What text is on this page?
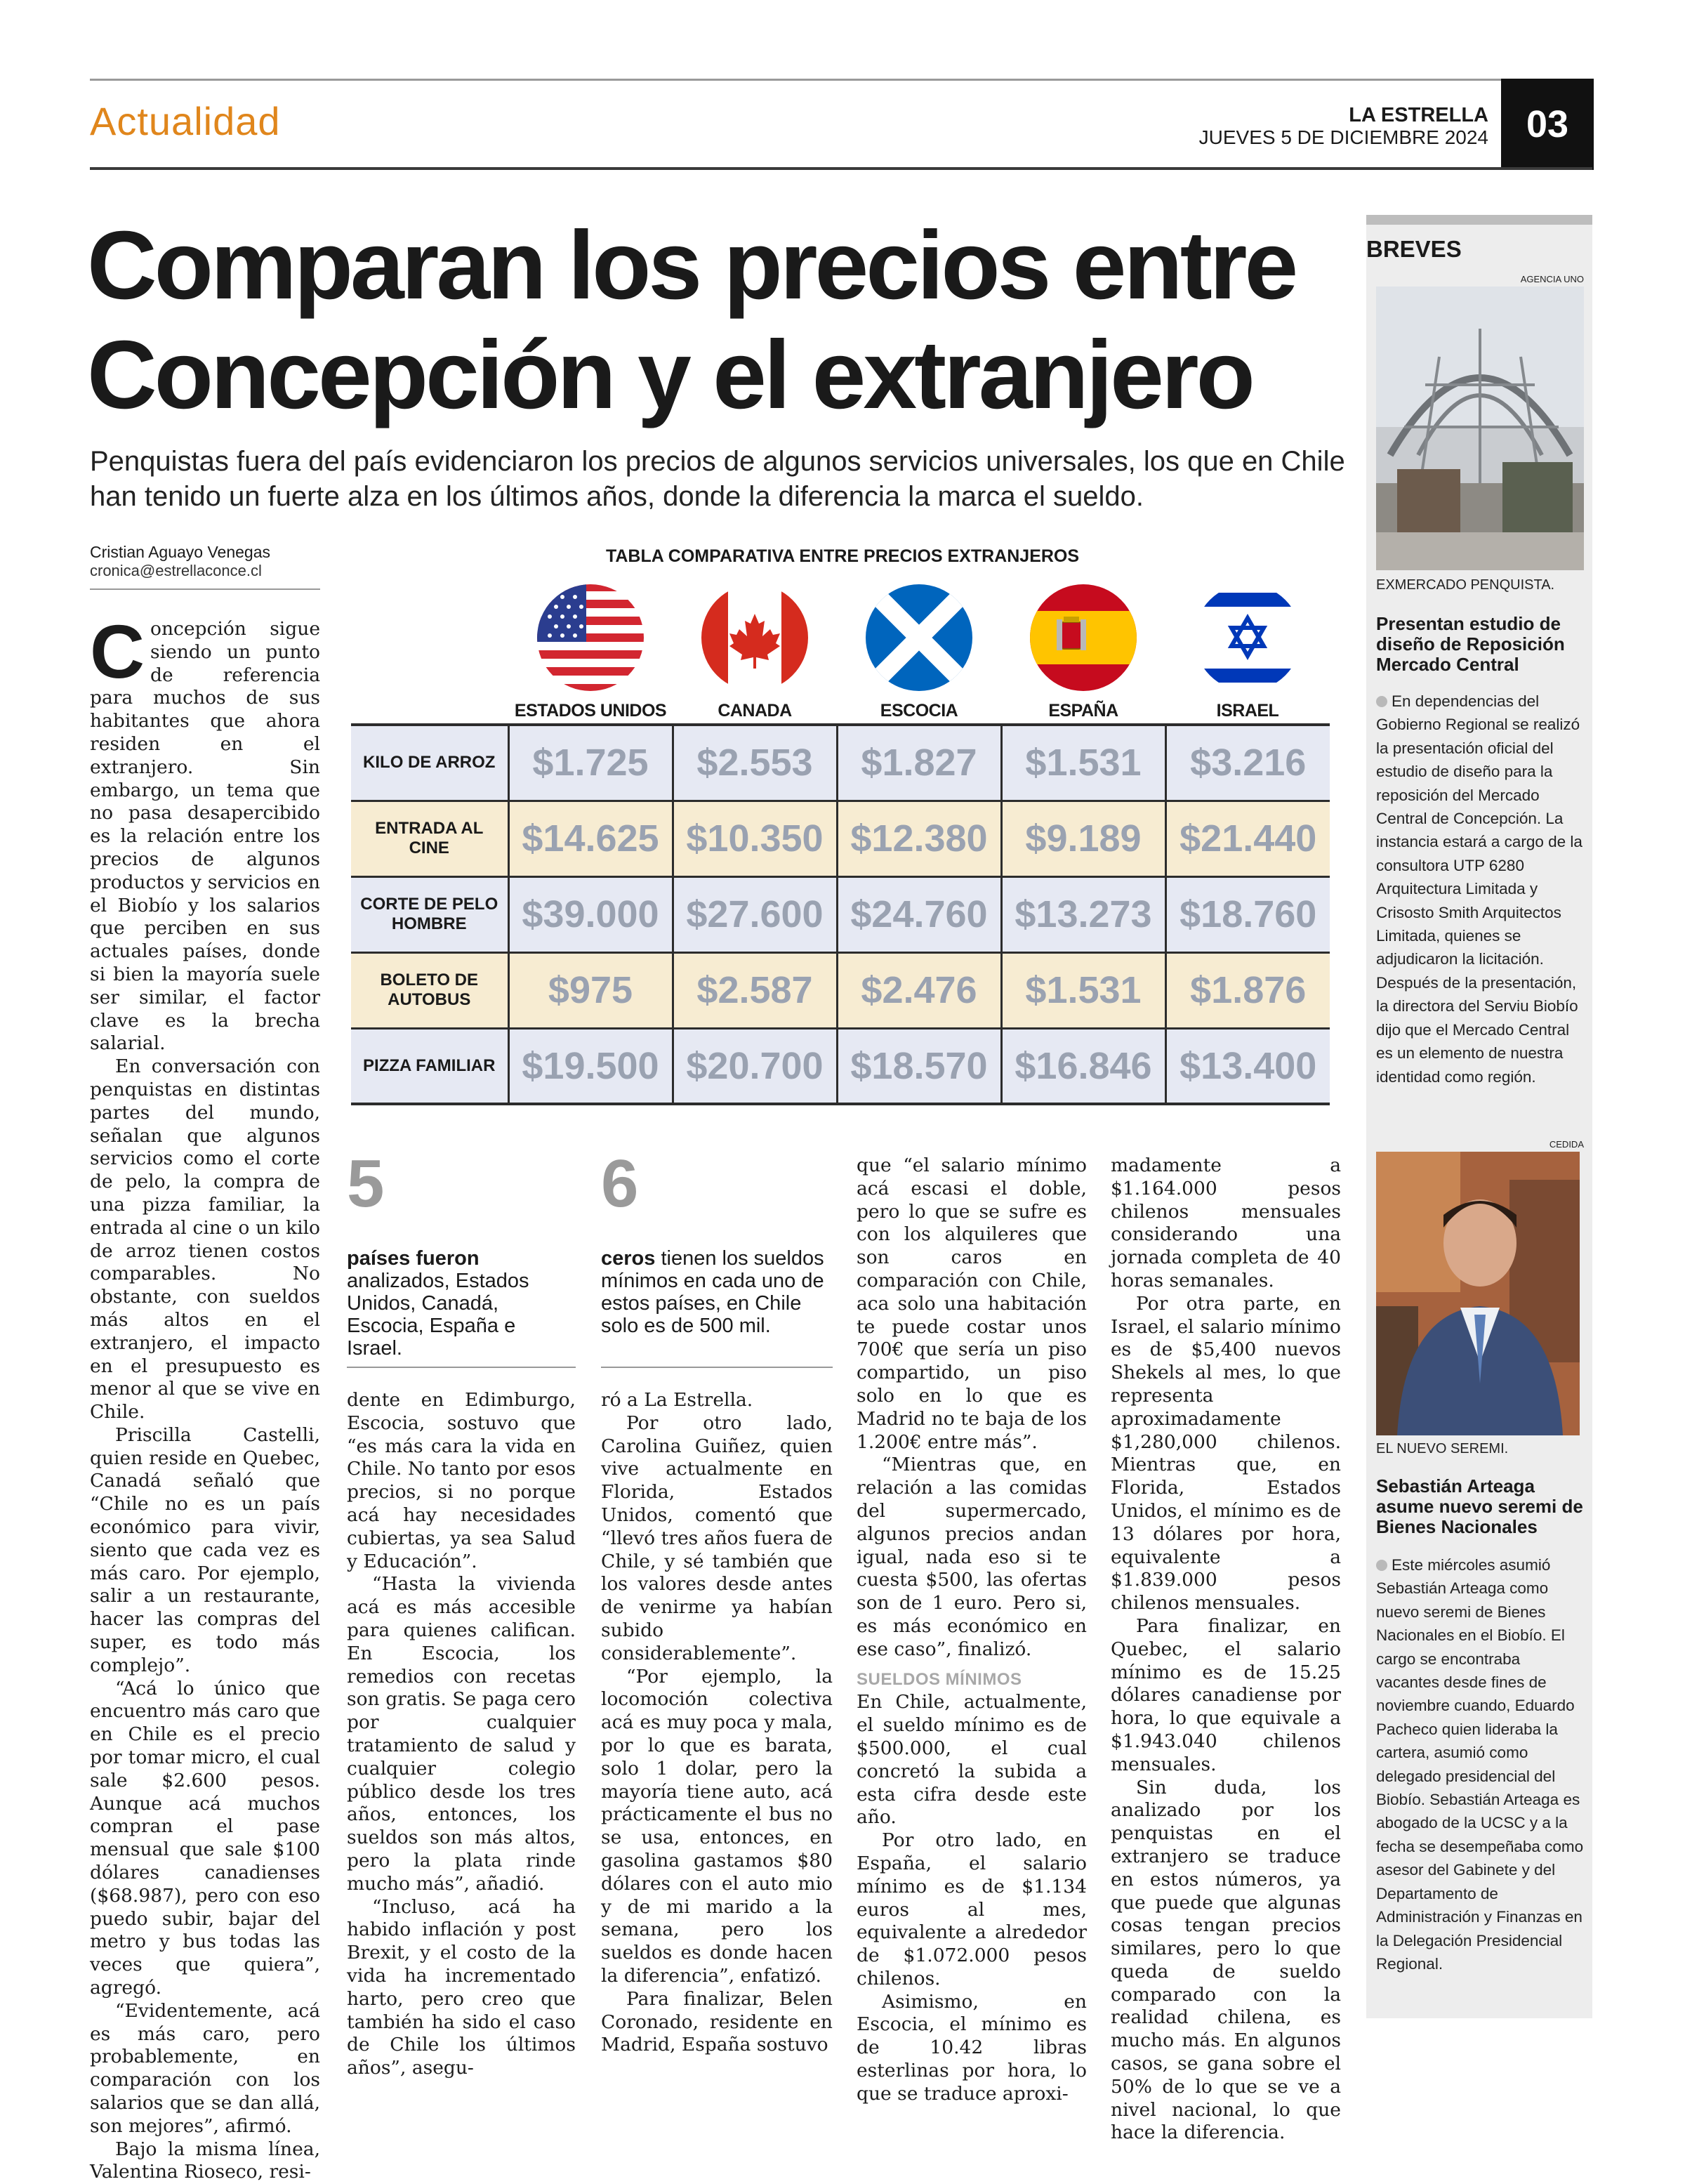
Actualidad	LA ESTRELLA
JUEVES 5 DE DICIEMBRE 2024 03
Comparan los precios entre
Concepción y el extranjero
Penquistas fuera del país evidenciaron los precios de algunos servicios universales, los que en Chile han tenido un fuerte alza en los últimos años, donde la diferencia la marca el sueldo.
Cristian Aguayo Venegas
cronica@estrellaconce.cl

Concepción sigue siendo un punto de referencia para muchos de sus habitantes que ahora residen en el extranjero. Sin embargo, un tema que no pasa desapercibido es la relación entre los precios de algunos productos y servicios en el Biobío y los salarios que perciben en sus actuales países, donde si bien la mayoría suele ser similar, el factor clave es la brecha salarial.

En conversación con penquistas en distintas partes del mundo, señalan que algunos servicios como el corte de pelo, la compra de una pizza familiar, la entrada al cine o un kilo de arroz tienen costos comparables. No obstante, con sueldos más altos en el extranjero, el impacto en el presupuesto es menor al que se vive en Chile.

Priscilla Castelli, quien reside en Quebec, Canadá señaló que “Chile no es un país económico para vivir, siento que cada vez es más caro. Por ejemplo, salir a un restaurante, hacer las compras del super, es todo más complejo”.

“Acá lo único que encuentro más caro que en Chile es el precio por tomar micro, el cual sale $2.600 pesos. Aunque acá muchos compran el pase mensual que sale $100 dólares canadienses ($68.987), pero con eso puedo subir, bajar del metro y bus todas las veces que quiera”, agregó.

“Evidentemente, acá es más caro, pero probablemente, en comparación con los salarios que se dan allá, son mejores”, afirmó.

Bajo la misma línea, Valentina Rioseco, resi-

TABLA COMPARATIVA ENTRE PRECIOS EXTRANJEROS
ESTADOS UNIDOS	CANADA	ESCOCIA	ESPAÑA	ISRAEL
KILO DE ARROZ	$1.725	$2.553	$1.827	$1.531	$3.216
ENTRADA AL CINE	$14.625	$10.350	$12.380	$9.189	$21.440
CORTE DE PELO HOMBRE	$39.000	$27.600	$24.760	$13.273	$18.760
BOLETO DE AUTOBUS	$975	$2.587	$2.476	$1.531	$1.876
PIZZA FAMILIAR	$19.500	$20.700	$18.570	$16.846	$13.400
5
países fueron analizados, Estados Unidos, Canadá, Escocia, España e Israel.
6
ceros tienen los sueldos mínimos en cada uno de estos países, en Chile solo es de 500 mil.

dente en Edimburgo, Escocia, sostuvo que “es más cara la vida en Chile. No tanto por esos precios, si no porque acá hay necesidades cubiertas, ya sea Salud y Educación”.

“Hasta la vivienda acá es más accesible para quienes califican. En Escocia, los remedios con recetas son gratis. Se paga cero por cualquier tratamiento de salud y cualquier colegio público desde los tres años, entonces, los sueldos son más altos, pero la plata rinde mucho más”, añadió.

“Incluso, acá ha habido inflación y post Brexit, y el costo de la vida ha incrementado harto, pero creo que también ha sido el caso de Chile los últimos años”, asegu-

ró a La Estrella.

Por otro lado, Carolina Guiñez, quien vive actualmente en Florida, Estados Unidos, comentó que “llevó tres años fuera de Chile, y sé también que los valores desde antes de venirme ya habían subido considerablemente”.

“Por ejemplo, la locomoción colectiva acá es muy poca y mala, por lo que es barata, solo 1 dolar, pero la mayoría tiene auto, acá prácticamente el bus no se usa, entonces, en gasolina gastamos $80 dólares con el auto mio y de mi marido a la semana, pero los sueldos es donde hacen la diferencia”, enfatizó.

Para finalizar, Belen Coronado, residente en Madrid, España sostuvo

que “el salario mínimo acá escasi el doble, pero lo que se sufre es con los alquileres que son caros en comparación con Chile, aca solo una habitación te puede costar unos 700€ que sería un piso compartido, un piso solo en lo que es Madrid no te baja de los 1.200€ entre más”.

“Mientras que, en relación a las comidas del supermercado, algunos precios andan igual, nada eso si te cuesta $500, las ofertas son de 1 euro. Pero si, es más económico en ese caso”, finalizó.

SUELDOS MÍNIMOS

En Chile, actualmente, el sueldo mínimo es de $500.000, el cual concretó la subida a esta cifra desde este año.

Por otro lado, en España, el salario mínimo es de $1.134 euros al mes, equivalente a alrededor de $1.072.000 pesos chilenos.

Asimismo, en Escocia, el mínimo es de 10.42 libras esterlinas por hora, lo que se traduce aproxi-

madamente a $1.164.000 pesos chilenos mensuales considerando una jornada completa de 40 horas semanales.

Por otra parte, en Israel, el salario mínimo es de $5,400 nuevos Shekels al mes, lo que representa aproximadamente $1,280,000 chilenos. Mientras que, en Florida, Estados Unidos, el mínimo es de 13 dólares por hora, equivalente a $1.839.000 pesos chilenos mensuales.

Para finalizar, en Quebec, el salario mínimo es de 15.25 dólares canadiense por hora, lo que equivale a $1.943.040 chilenos mensuales.

Sin duda, los analizado por los penquistas en el extranjero se traduce en estos números, ya que puede que algunas cosas tengan precios similares, pero lo que queda de sueldo comparado con la realidad chilena, es mucho más. En algunos casos, se gana sobre el 50% de lo que se ve a nivel nacional, lo que hace la diferencia.

BREVES
AGENCIA UNO
EXMERCADO PENQUISTA.
Presentan estudio de diseño de Reposición Mercado Central
En dependencias del Gobierno Regional se realizó la presentación oficial del estudio de diseño para la reposición del Mercado Central de Concepción. La instancia estará a cargo de la consultora UTP 6280 Arquitectura Limitada y Crisosto Smith Arquitectos Limitada, quienes se adjudicaron la licitación. Después de la presentación, la directora del Serviu Biobío dijo que el Mercado Central es un elemento de nuestra identidad como región.
CEDIDA
EL NUEVO SEREMI.
Sebastián Arteaga asume nuevo seremi de Bienes Nacionales
Este miércoles asumió Sebastián Arteaga como nuevo seremi de Bienes Nacionales en el Biobío. El cargo se encontraba vacantes desde fines de noviembre cuando, Eduardo Pacheco quien lideraba la cartera, asumió como delegado presidencial del Biobío. Sebastián Arteaga es abogado de la UCSC y a la fecha se desempeñaba como asesor del Gabinete y del Departamento de Administración y Finanzas en la Delegación Presidencial Regional.
